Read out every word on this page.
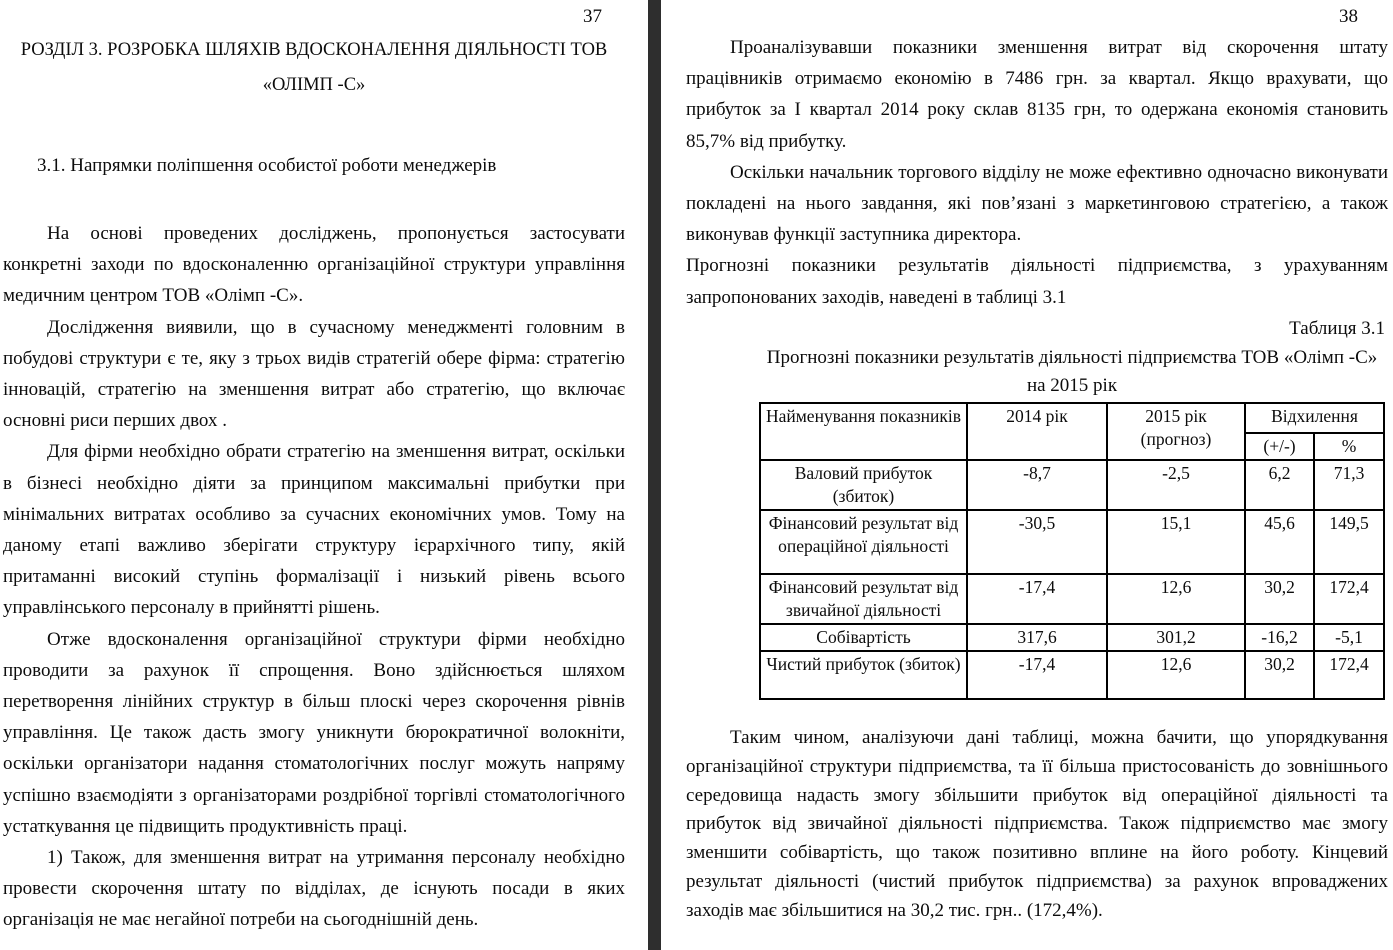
37
РОЗДІЛ 3. РОЗРОБКА ШЛЯХІВ ВДОСКОНАЛЕННЯ ДІЯЛЬНОСТІ ТОВ
«ОЛІМП -С»
3.1. Напрямки поліпшення особистої роботи менеджерів

На основі проведених досліджень, пропонується застосувати конкретні заходи по вдосконаленню організаційної структури управління медичним центром ТОВ «Олімп -С».

Дослідження виявили, що в сучасному менеджменті головним в побудові структури є те, яку з трьох видів стратегій обере фірма: стратегію інновацій, стратегію на зменшення витрат або стратегію, що включає основні риси перших двох .

Для фірми необхідно обрати стратегію на зменшення витрат, оскільки в бізнесі необхідно діяти за принципом максимальні прибутки при мінімальних витратах особливо за сучасних економічних умов. Тому на даному етапі важливо зберігати структуру ієрархічного типу, якій притаманні високий ступінь формалізації і низький рівень всього управлінського персоналу в прийнятті рішень.

Отже вдосконалення організаційної структури фірми необхідно проводити за рахунок її спрощення. Воно здійснюється шляхом перетворення лінійних структур в більш плоскі через скорочення рівнів управління. Це також дасть змогу уникнути бюрократичної волокніти, оскільки організатори надання стоматологічних послуг можуть напряму успішно взаємодіяти з організаторами роздрібної торгівлі стоматологічного устаткування це підвищить продуктивність праці.

1) Також, для зменшення витрат на утримання персоналу необхідно провести скорочення штату по відділах, де існують посади в яких організація не має негайної потреби на сьогоднішній день.

38

Проаналізувавши показники зменшення витрат від скорочення штату працівників отримаємо економію в 7486 грн. за квартал. Якщо врахувати, що прибуток за І квартал 2014 року склав 8135 грн, то одержана економія становить 85,7% від прибутку.

Оскільки начальник торгового відділу не може ефективно одночасно виконувати покладені на нього завдання, які пов’язані з маркетинговою стратегією, а також виконував функції заступника директора.

Прогнозні показники результатів діяльності підприємства, з урахуванням запропонованих заходів, наведені в таблиці 3.1

Таблиця 3.1
Прогнозні показники результатів діяльності підприємства ТОВ «Олімп -С»
на 2015 рік
Найменування показників	2014 рік	2015 рік (прогноз)	Відхилення	
			(+/-)	%
Валовий прибуток (збиток)	-8,7	-2,5	6,2	71,3
Фінансовий результат від операційної діяльності	-30,5	15,1	45,6	149,5
Фінансовий результат від звичайної діяльності	-17,4	12,6	30,2	172,4
Собівартість	317,6	301,2	-16,2	-5,1
Чистий прибуток (збиток)	-17,4	12,6	30,2	172,4

Таким чином, аналізуючи дані таблиці, можна бачити, що упорядкування організаційної структури підприємства, та її більша пристосованість до зовнішнього середовища надасть змогу збільшити прибуток від операційної діяльності та прибуток від звичайної діяльності підприємства. Також підприємство має змогу зменшити собівартість, що також позитивно вплине на його роботу. Кінцевий результат діяльності (чистий прибуток підприємства) за рахунок впроваджених заходів має збільшитися на 30,2 тис. грн.. (172,4%).
